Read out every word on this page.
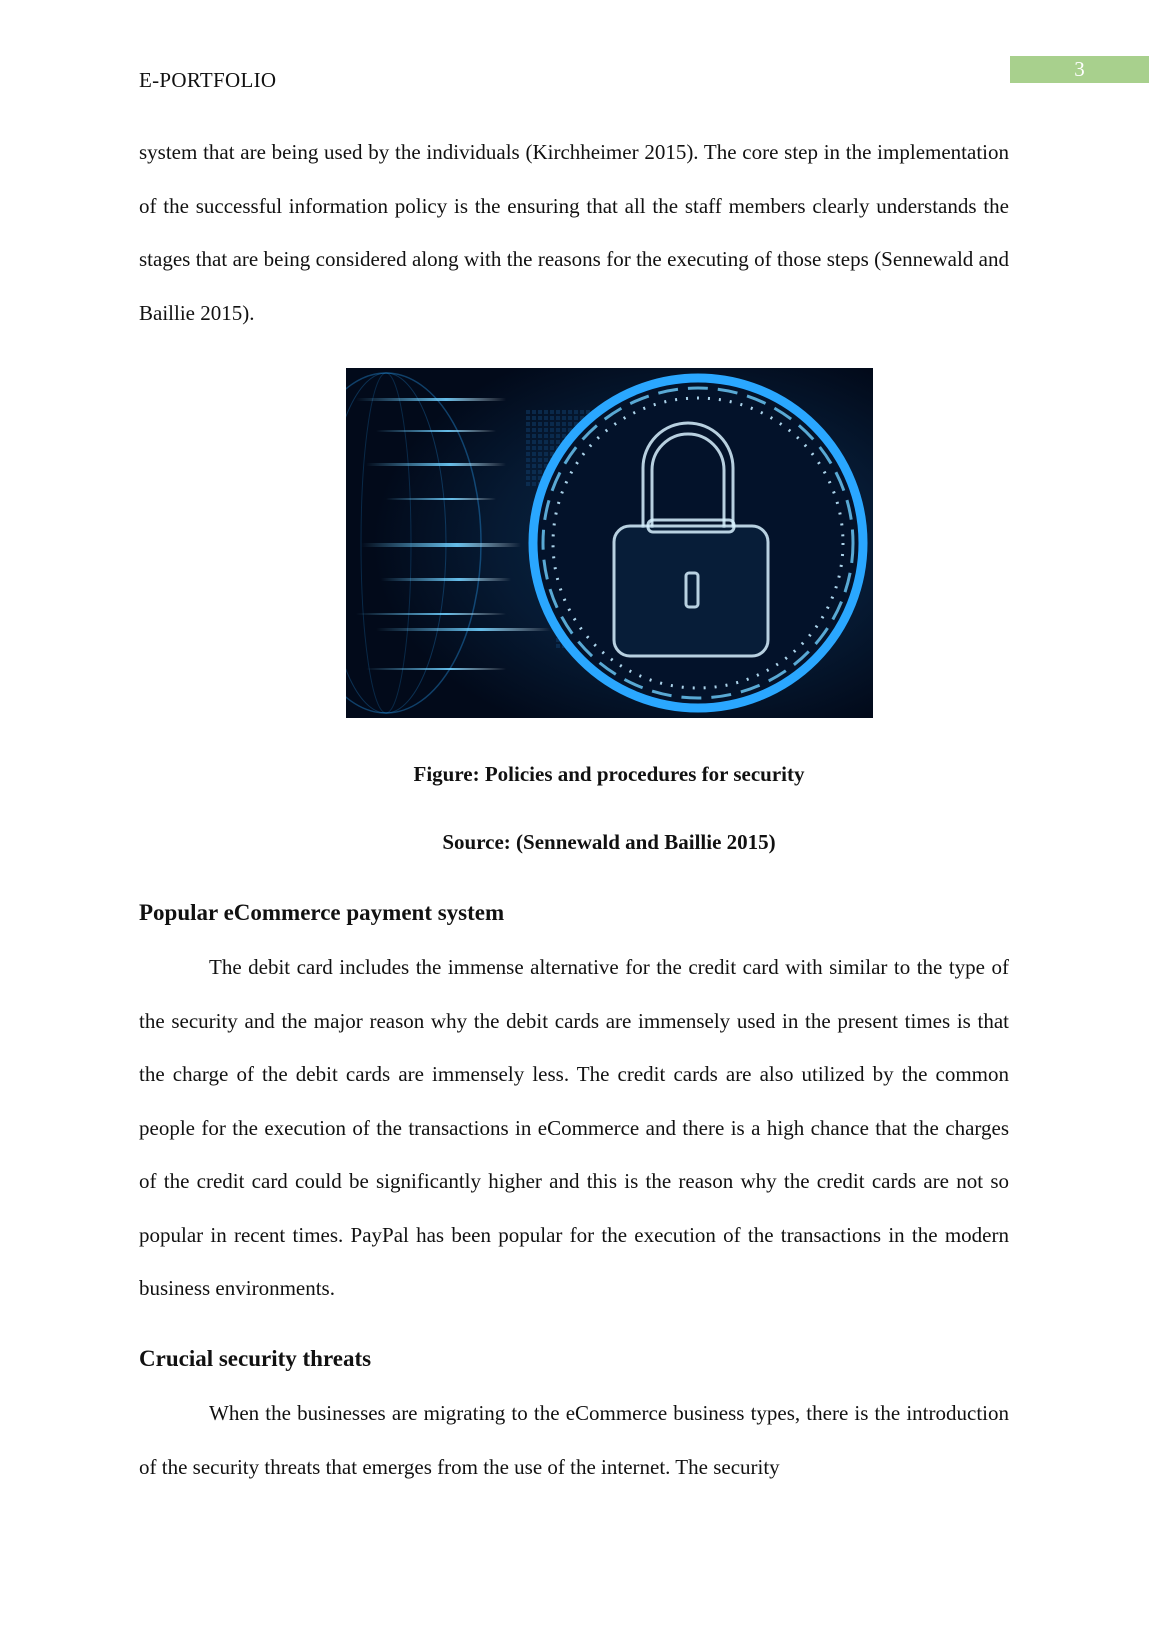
3
E-PORTFOLIO

system that are being used by the individuals (Kirchheimer 2015). The core step in the implementation of the successful information policy is the ensuring that all the staff members clearly understands the stages that are being considered along with the reasons for the executing of those steps (Sennewald and Baillie 2015).

Figure: Policies and procedures for security
Source: (Sennewald and Baillie 2015)
Popular eCommerce payment system

The debit card includes the immense alternative for the credit card with similar to the type of the security and the major reason why the debit cards are immensely used in the present times is that the charge of the debit cards are immensely less. The credit cards are also utilized by the common people for the execution of the transactions in eCommerce and there is a high chance that the charges of the credit card could be significantly higher and this is the reason why the credit cards are not so popular in recent times. PayPal has been popular for the execution of the transactions in the modern business environments.

Crucial security threats

When the businesses are migrating to the eCommerce business types, there is the introduction of the security threats that emerges from the use of the internet. The security
